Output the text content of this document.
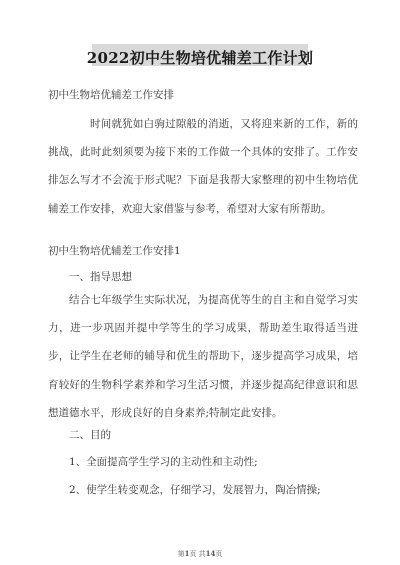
2022初中生物培优辅差工作计划
初中生物培优辅差工作安排

时间就犹如白驹过隙般的消逝，又将迎来新的工作，新的挑战，此时此刻须要为接下来的工作做一个具体的安排了。工作安排怎么写才不会流于形式呢？下面是我帮大家整理的初中生物培优辅差工作安排，欢迎大家借鉴与参考，希望对大家有所帮助。

初中生物培优辅差工作安排1
一、指导思想

结合七年级学生实际状况，为提高优等生的自主和自觉学习实力，进一步巩固并提中学等生的学习成果，帮助差生取得适当进步，让学生在老师的辅导和优生的帮助下，逐步提高学习成果，培育较好的生物科学素养和学习生活习惯，并逐步提高纪律意识和思想道德水平，形成良好的自身素养;特制定此安排。

二、目的
1、全面提高学生学习的主动性和主动性;
2、使学生转变观念，仔细学习，发展智力，陶冶情操;
第1页 共14页
